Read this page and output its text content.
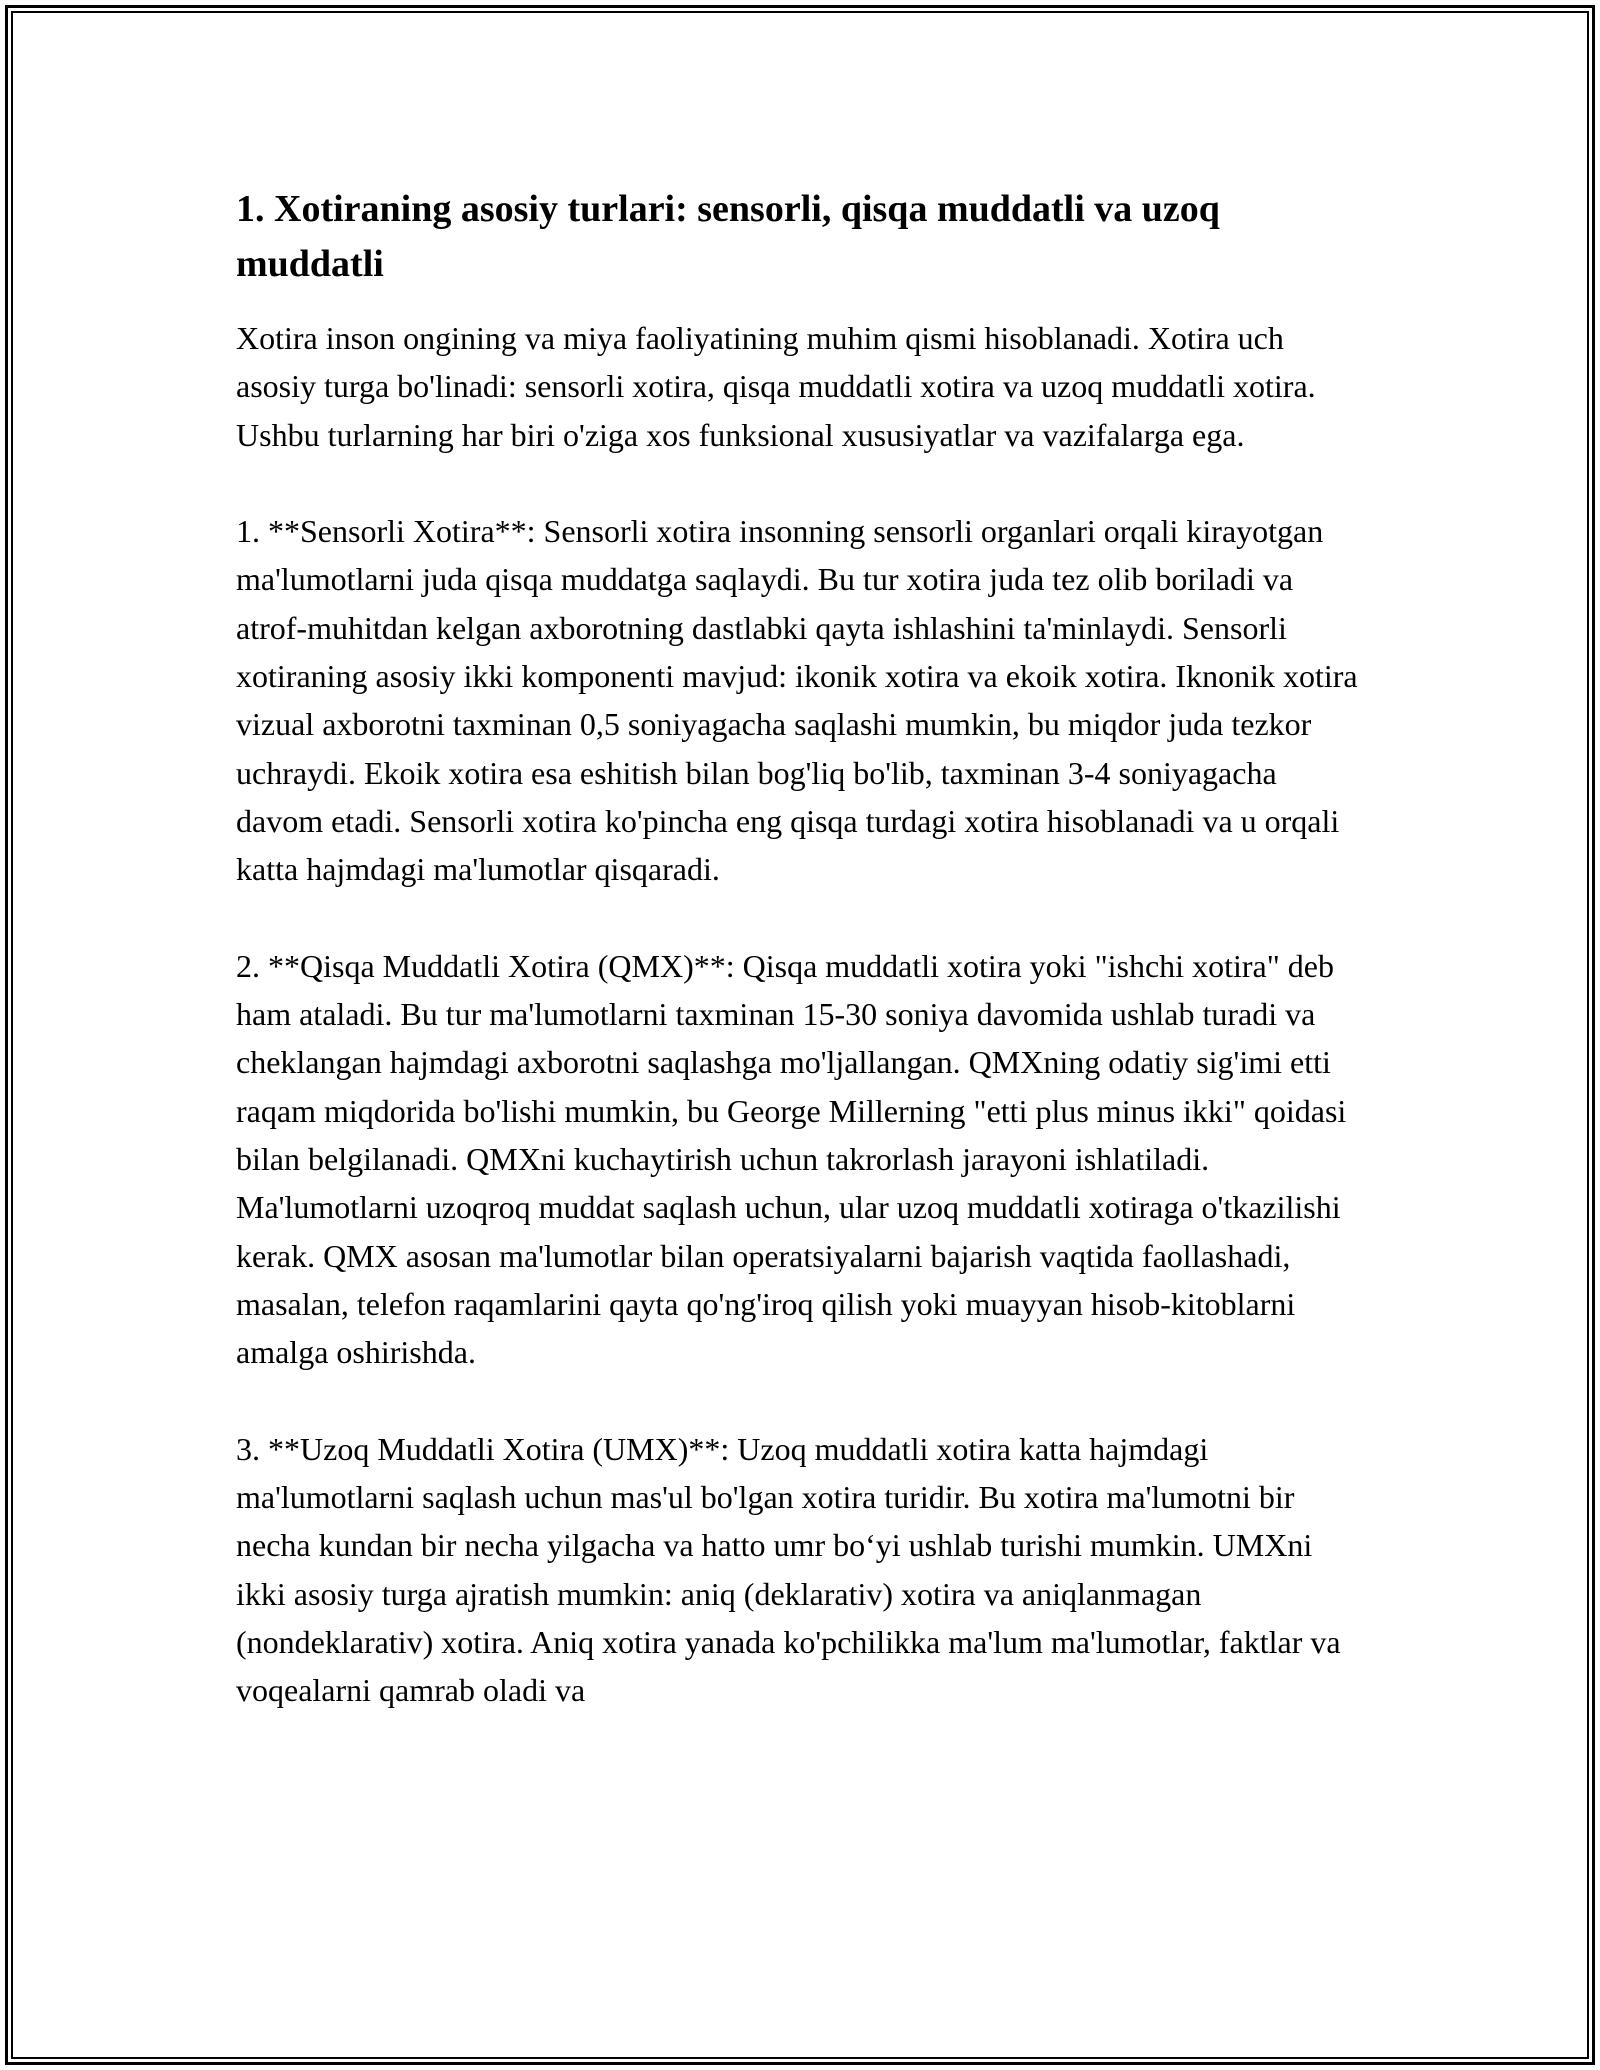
1. Xotiraning asosiy turlari: sensorli, qisqa muddatli va uzoq muddatli

Xotira inson ongining va miya faoliyatining muhim qismi hisoblanadi. Xotira uch asosiy turga bo'linadi: sensorli xotira, qisqa muddatli xotira va uzoq muddatli xotira. Ushbu turlarning har biri o'ziga xos funksional xususiyatlar va vazifalarga ega.

1. **Sensorli Xotira**: Sensorli xotira insonning sensorli organlari orqali kirayotgan ma'lumotlarni juda qisqa muddatga saqlaydi. Bu tur xotira juda tez olib boriladi va atrof-muhitdan kelgan axborotning dastlabki qayta ishlashini ta'minlaydi. Sensorli xotiraning asosiy ikki komponenti mavjud: ikonik xotira va ekoik xotira. Iknonik xotira vizual axborotni taxminan 0,5 soniyagacha saqlashi mumkin, bu miqdor juda tezkor uchraydi. Ekoik xotira esa eshitish bilan bog'liq bo'lib, taxminan 3-4 soniyagacha davom etadi. Sensorli xotira ko'pincha eng qisqa turdagi xotira hisoblanadi va u orqali katta hajmdagi ma'lumotlar qisqaradi.

2. **Qisqa Muddatli Xotira (QMX)**: Qisqa muddatli xotira yoki "ishchi xotira" deb ham ataladi. Bu tur ma'lumotlarni taxminan 15-30 soniya davomida ushlab turadi va cheklangan hajmdagi axborotni saqlashga mo'ljallangan. QMXning odatiy sig'imi etti raqam miqdorida bo'lishi mumkin, bu George Millerning "etti plus minus ikki" qoidasi bilan belgilanadi. QMXni kuchaytirish uchun takrorlash jarayoni ishlatiladi. Ma'lumotlarni uzoqroq muddat saqlash uchun, ular uzoq muddatli xotiraga o'tkazilishi kerak. QMX asosan ma'lumotlar bilan operatsiyalarni bajarish vaqtida faollashadi, masalan, telefon raqamlarini qayta qo'ng'iroq qilish yoki muayyan hisob-kitoblarni amalga oshirishda.

3. **Uzoq Muddatli Xotira (UMX)**: Uzoq muddatli xotira katta hajmdagi ma'lumotlarni saqlash uchun mas'ul bo'lgan xotira turidir. Bu xotira ma'lumotni bir necha kundan bir necha yilgacha va hatto umr bo‘yi ushlab turishi mumkin. UMXni ikki asosiy turga ajratish mumkin: aniq (deklarativ) xotira va aniqlanmagan (nondeklarativ) xotira. Aniq xotira yanada ko'pchilikka ma'lum ma'lumotlar, faktlar va voqealarni qamrab oladi va
